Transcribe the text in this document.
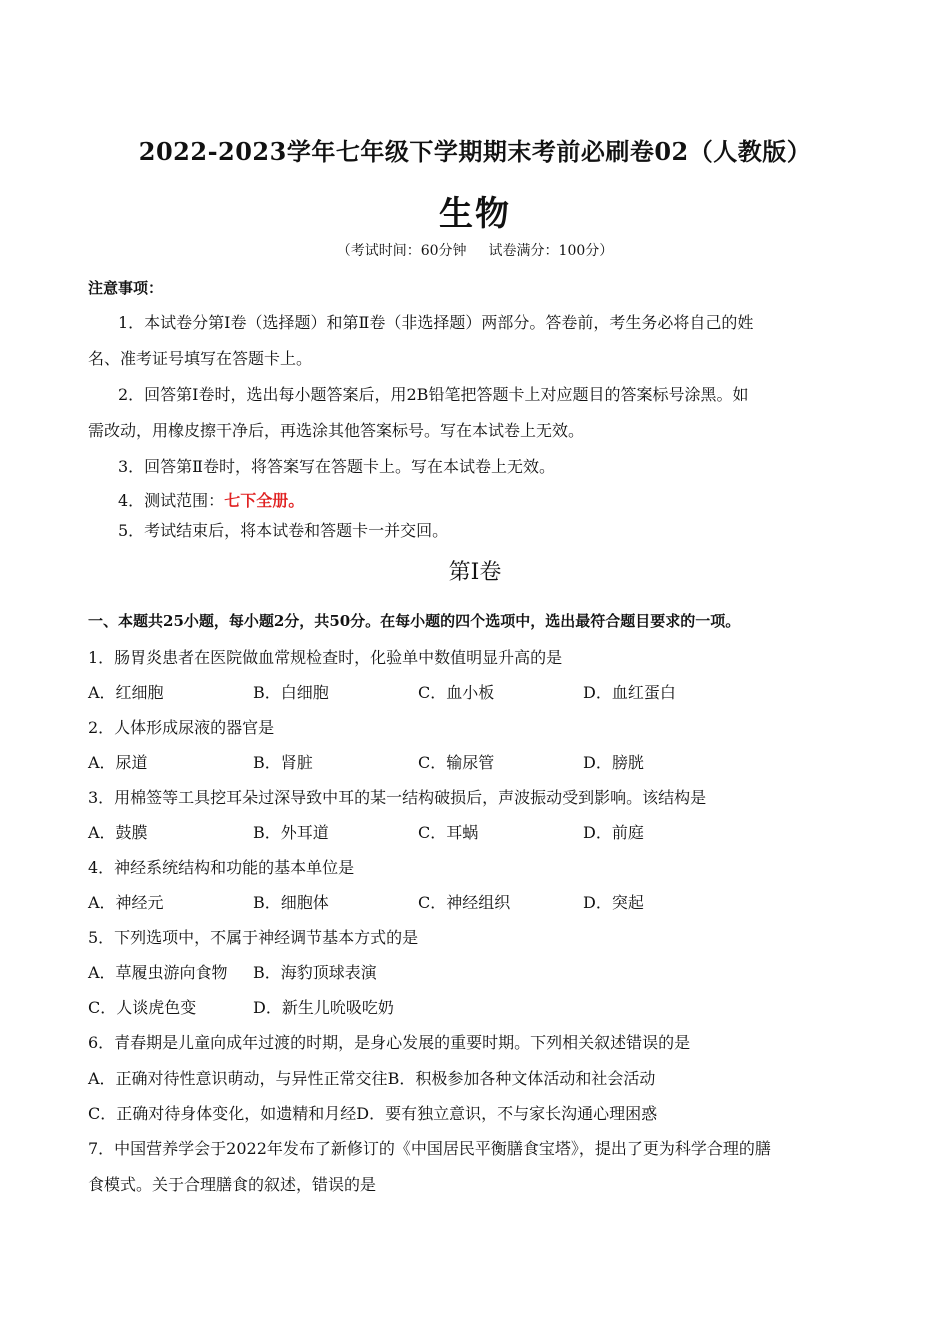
2022-2023学年七年级下学期期末考前必刷卷02（人教版）
生物
（考试时间：60分钟 试卷满分：100分）
注意事项：
1．本试卷分第Ⅰ卷（选择题）和第Ⅱ卷（非选择题）两部分。答卷前，考生务必将自己的姓
名、准考证号填写在答题卡上。
2．回答第Ⅰ卷时，选出每小题答案后，用2B铅笔把答题卡上对应题目的答案标号涂黑。如
需改动，用橡皮擦干净后，再选涂其他答案标号。写在本试卷上无效。
3．回答第Ⅱ卷时，将答案写在答题卡上。写在本试卷上无效。
4．测试范围：七下全册。
5．考试结束后，将本试卷和答题卡一并交回。
第Ⅰ卷
一、本题共25小题，每小题2分，共50分。在每小题的四个选项中，选出最符合题目要求的一项。
1．肠胃炎患者在医院做血常规检查时，化验单中数值明显升高的是
A．红细胞	B．白细胞	C．血小板	D．血红蛋白
2．人体形成尿液的器官是
A．尿道	B．肾脏	C．输尿管	D．膀胱
3．用棉签等工具挖耳朵过深导致中耳的某一结构破损后，声波振动受到影响。该结构是
A．鼓膜	B．外耳道	C．耳蜗	D．前庭
4．神经系统结构和功能的基本单位是
A．神经元	B．细胞体	C．神经组织	D．突起
5．下列选项中，不属于神经调节基本方式的是
A．草履虫游向食物 B．海豹顶球表演
C．人谈虎色变	D．新生儿吮吸吃奶
6．青春期是儿童向成年过渡的时期，是身心发展的重要时期。下列相关叙述错误的是
A．正确对待性意识萌动，与异性正常交往B．积极参加各种文体活动和社会活动
C．正确对待身体变化，如遗精和月经D．要有独立意识，不与家长沟通心理困惑
7．中国营养学会于2022年发布了新修订的《中国居民平衡膳食宝塔》，提出了更为科学合理的膳
食模式。关于合理膳食的叙述，错误的是
